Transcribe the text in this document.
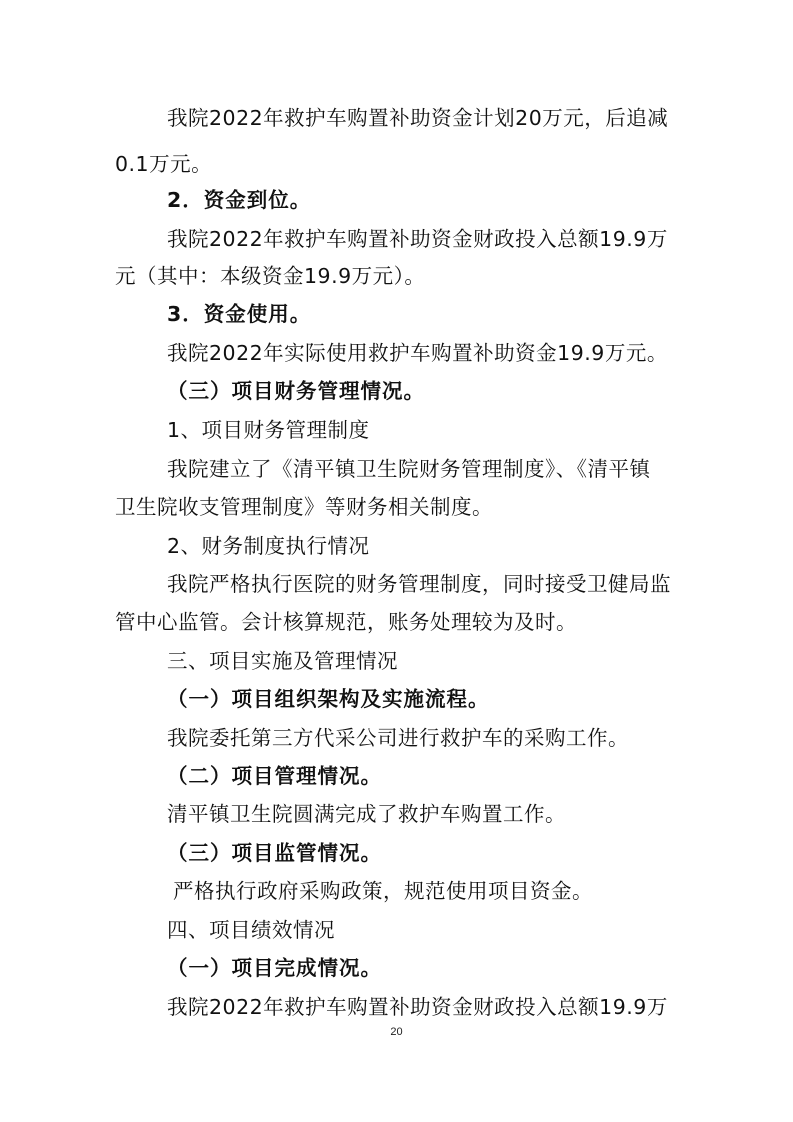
我院2022年救护车购置补助资金计划20万元，后追减
0.1万元。
2．资金到位。
我院2022年救护车购置补助资金财政投入总额19.9万
元（其中：本级资金19.9万元）。
3．资金使用。
我院2022年实际使用救护车购置补助资金19.9万元。
（三）项目财务管理情况。
1、项目财务管理制度
我院建立了《清平镇卫生院财务管理制度》、《清平镇
卫生院收支管理制度》等财务相关制度。
2、财务制度执行情况
我院严格执行医院的财务管理制度，同时接受卫健局监
管中心监管。会计核算规范，账务处理较为及时。
三、项目实施及管理情况
（一）项目组织架构及实施流程。
我院委托第三方代采公司进行救护车的采购工作。
（二）项目管理情况。
清平镇卫生院圆满完成了救护车购置工作。
（三）项目监管情况。
严格执行政府采购政策，规范使用项目资金。
四、项目绩效情况
（一）项目完成情况。
我院2022年救护车购置补助资金财政投入总额19.9万
20
